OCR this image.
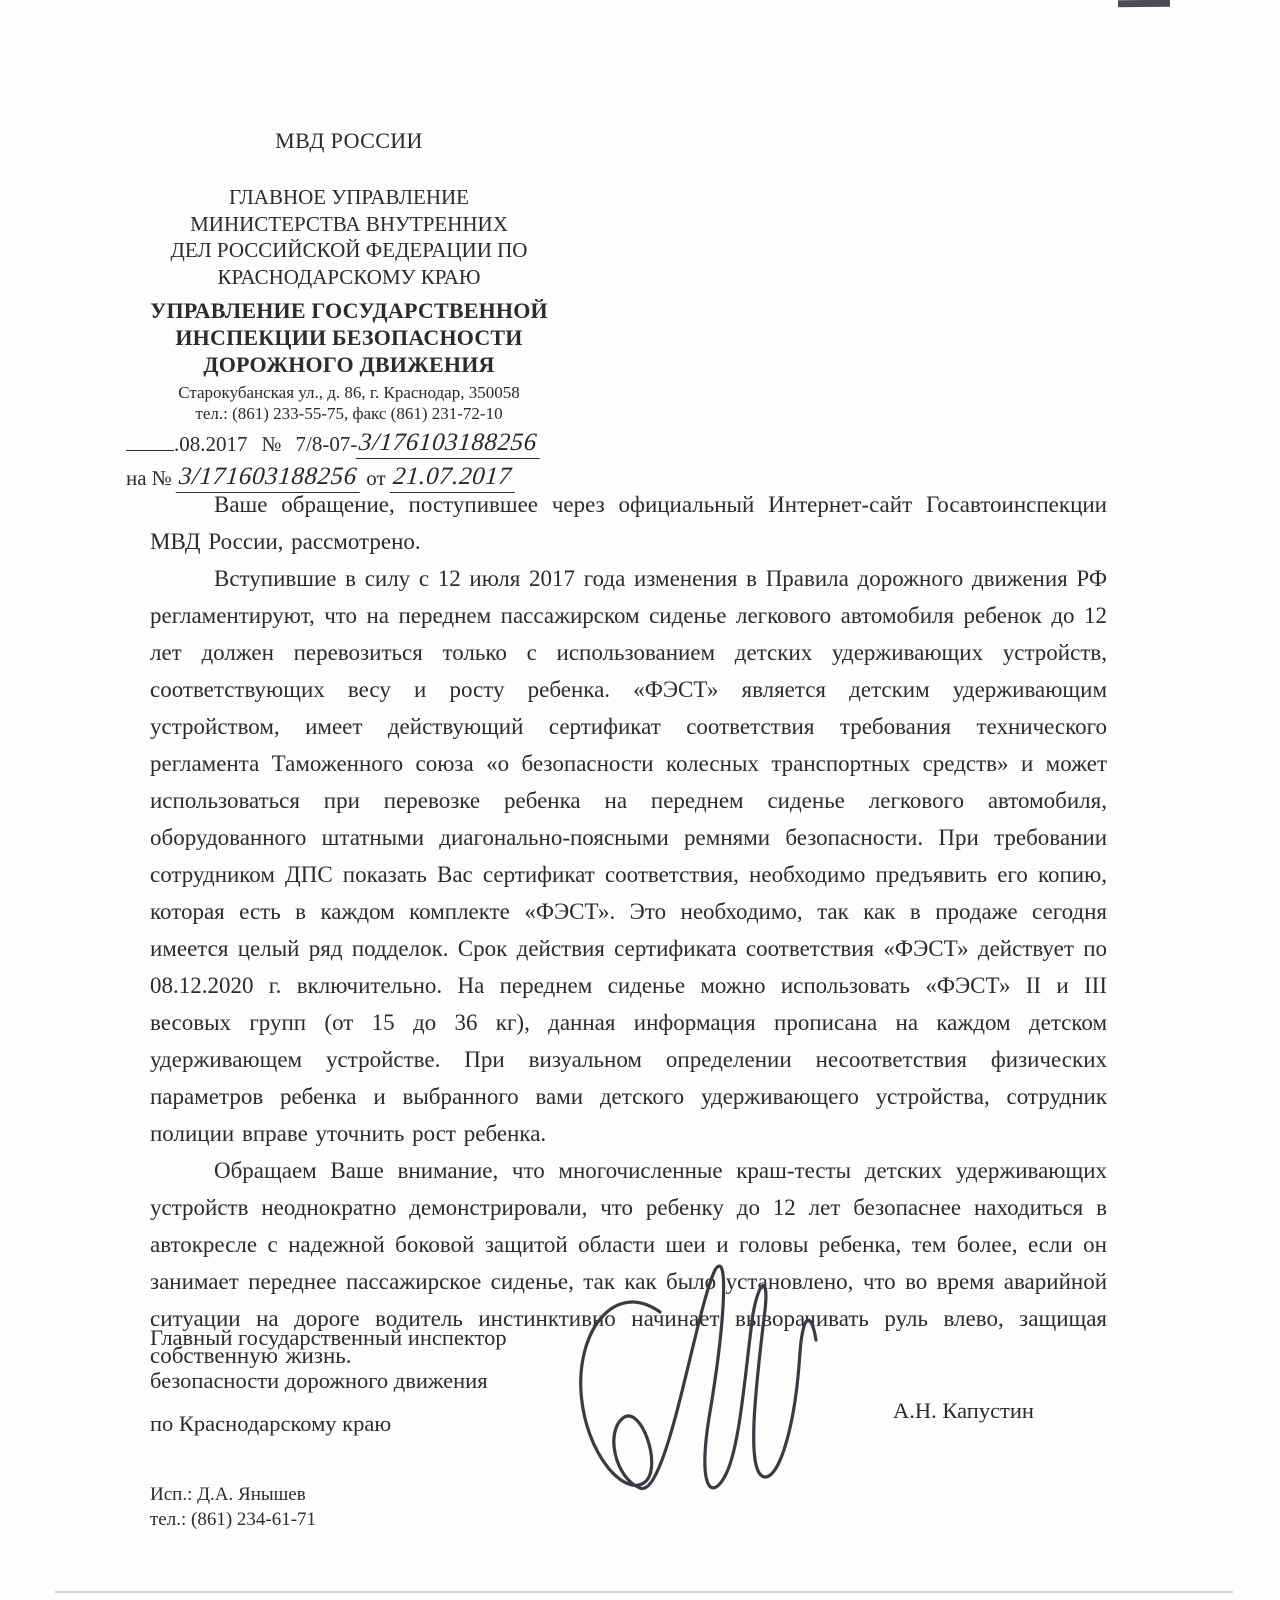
МВД РОССИИ
ГЛАВНОЕ УПРАВЛЕНИЕ
МИНИСТЕРСТВА ВНУТРЕННИХ
ДЕЛ РОССИЙСКОЙ ФЕДЕРАЦИИ ПО
КРАСНОДАРСКОМУ КРАЮ
УПРАВЛЕНИЕ ГОСУДАРСТВЕННОЙ
ИНСПЕКЦИИ БЕЗОПАСНОСТИ
ДОРОЖНОГО ДВИЖЕНИЯ
Старокубанская ул., д. 86, г. Краснодар, 350058
тел.: (861) 233-55-75, факс (861) 231-72-10
.08.2017 № 7/8-07-3/176103188256
на № 3/171603188256 от 21.07.2017

Ваше обращение, поступившее через официальный Интернет-сайт Госавтоинспекции МВД России, рассмотрено.

Вступившие в силу с 12 июля 2017 года изменения в Правила дорожного движения РФ регламентируют, что на переднем пассажирском сиденье легкового автомобиля ребенок до 12 лет должен перевозиться только с использованием детских удерживающих устройств, соответствующих весу и росту ребенка. «ФЭСТ» является детским удерживающим устройством, имеет действующий сертификат соответствия требования технического регламента Таможенного союза «о безопасности колесных транспортных средств» и может использоваться при перевозке ребенка на переднем сиденье легкового автомобиля, оборудованного штатными диагонально-поясными ремнями безопасности. При требовании сотрудником ДПС показать Вас сертификат соответствия, необходимо предъявить его копию, которая есть в каждом комплекте «ФЭСТ». Это необходимо, так как в продаже сегодня имеется целый ряд подделок. Срок действия сертификата соответствия «ФЭСТ» действует по 08.12.2020 г. включительно. На переднем сиденье можно использовать «ФЭСТ» II и III весовых групп (от 15 до 36 кг), данная информация прописана на каждом детском удерживающем устройстве. При визуальном определении несоответствия физических параметров ребенка и выбранного вами детского удерживающего устройства, сотрудник полиции вправе уточнить рост ребенка.

Обращаем Ваше внимание, что многочисленные краш-тесты детских удерживающих устройств неоднократно демонстрировали, что ребенку до 12 лет безопаснее находиться в автокресле с надежной боковой защитой области шеи и головы ребенка, тем более, если он занимает переднее пассажирское сиденье, так как было установлено, что во время аварийной ситуации на дороге водитель инстинктивно начинает выворачивать руль влево, защищая собственную жизнь.

Главный государственный инспектор
безопасности дорожного движения
по Краснодарскому краю
А.Н. Капустин
Исп.: Д.А. Янышев
тел.: (861) 234-61-71
